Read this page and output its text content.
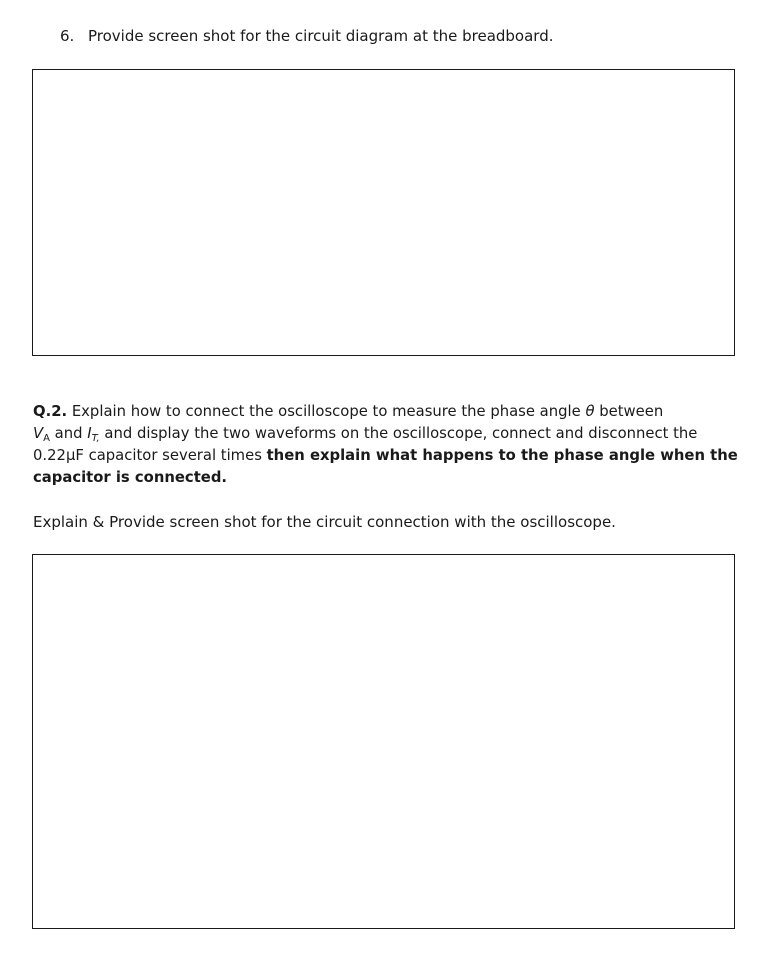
6. Provide screen shot for the circuit diagram at the breadboard.
Q.2. Explain how to connect the oscilloscope to measure the phase angle θ between
$V_A$ and $I_{T,}$ and display the two waveforms on the oscilloscope, connect and disconnect the 0.22μF capacitor several times then explain what happens to the phase angle when the capacitor is connected.
Explain & Provide screen shot for the circuit connection with the oscilloscope.
